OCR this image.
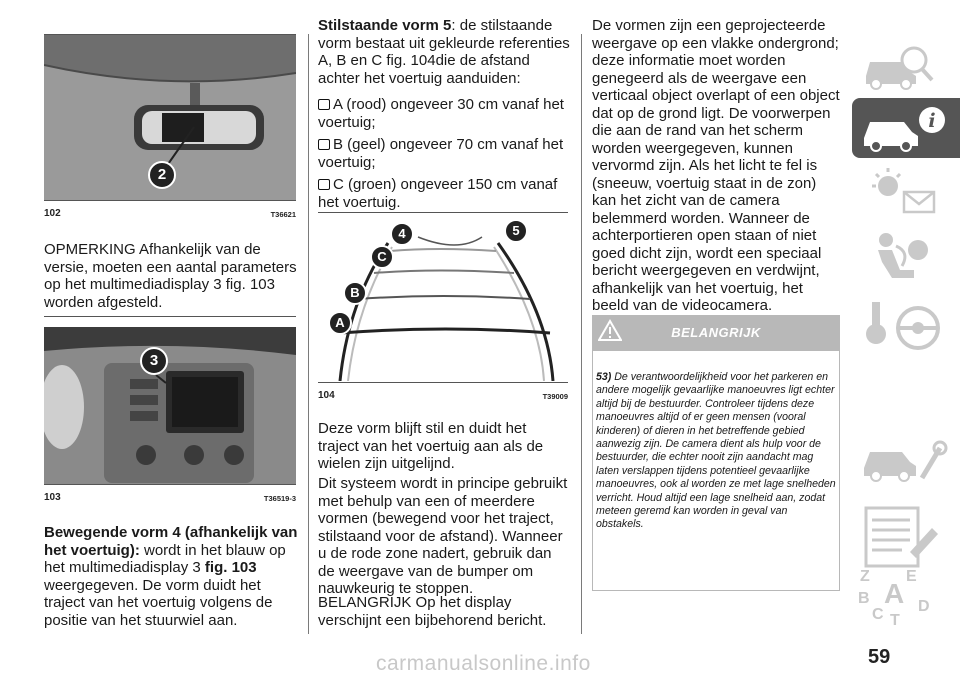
2
102	T36621
OPMERKING Afhankelijk van de versie, moeten een aantal parameters op het multimediadisplay 3 fig. 103 worden afgesteld.
3
103	T36519-3
Bewegende vorm 4 (afhankelijk van het voertuig): wordt in het blauw op het multimediadisplay 3 fig. 103 weergegeven. De vorm duidt het traject van het voertuig volgens de positie van het stuurwiel aan.
Stilstaande vorm 5: de stilstaande vorm bestaat uit gekleurde referenties A, B en C fig. 104die de afstand achter het voertuig aanduiden:
A (rood) ongeveer 30 cm vanaf het voertuig;
B (geel) ongeveer 70 cm vanaf het voertuig;
C (groen) ongeveer 150 cm vanaf het voertuig.
4	5
C
B
A
104	T39009
Deze vorm blijft stil en duidt het traject van het voertuig aan als de wielen zijn uitgelijnd.
Dit systeem wordt in principe gebruikt met behulp van een of meerdere vormen (bewegend voor het traject, stilstaand voor de afstand). Wanneer u de rode zone nadert, gebruik dan de weergave van de bumper om nauwkeurig te stoppen.
BELANGRIJK Op het display verschijnt een bijbehorend bericht.
De vormen zijn een geprojecteerde weergave op een vlakke ondergrond; deze informatie moet worden genegeerd als de weergave een verticaal object overlapt of een object dat op de grond ligt. De voorwerpen die aan de rand van het scherm worden weergegeven, kunnen vervormd zijn. Als het licht te fel is (sneeuw, voertuig staat in de zon) kan het zicht van de camera belemmerd worden. Wanneer de achterportieren open staan of niet goed dicht zijn, wordt een speciaal bericht weergegeven en verdwijnt, afhankelijk van het voertuig, het beeld van de videocamera.
BELANGRIJK
53) De verantwoordelijkheid voor het parkeren en andere mogelijk gevaarlijke manoeuvres ligt echter altijd bij de bestuurder. Controleer tijdens deze manoeuvres altijd of er geen mensen (vooral kinderen) of dieren in het betreffende gebied aanwezig zijn. De camera dient als hulp voor de bestuurder, die echter nooit zijn aandacht mag laten verslappen tijdens potentieel gevaarlijke manoeuvres, ook al worden ze met lage snelheden verricht. Houd altijd een lage snelheid aan, zodat meteen geremd kan worden in geval van obstakels.
i
Z E
A
B
C D
T
59
carmanualsonline.info
